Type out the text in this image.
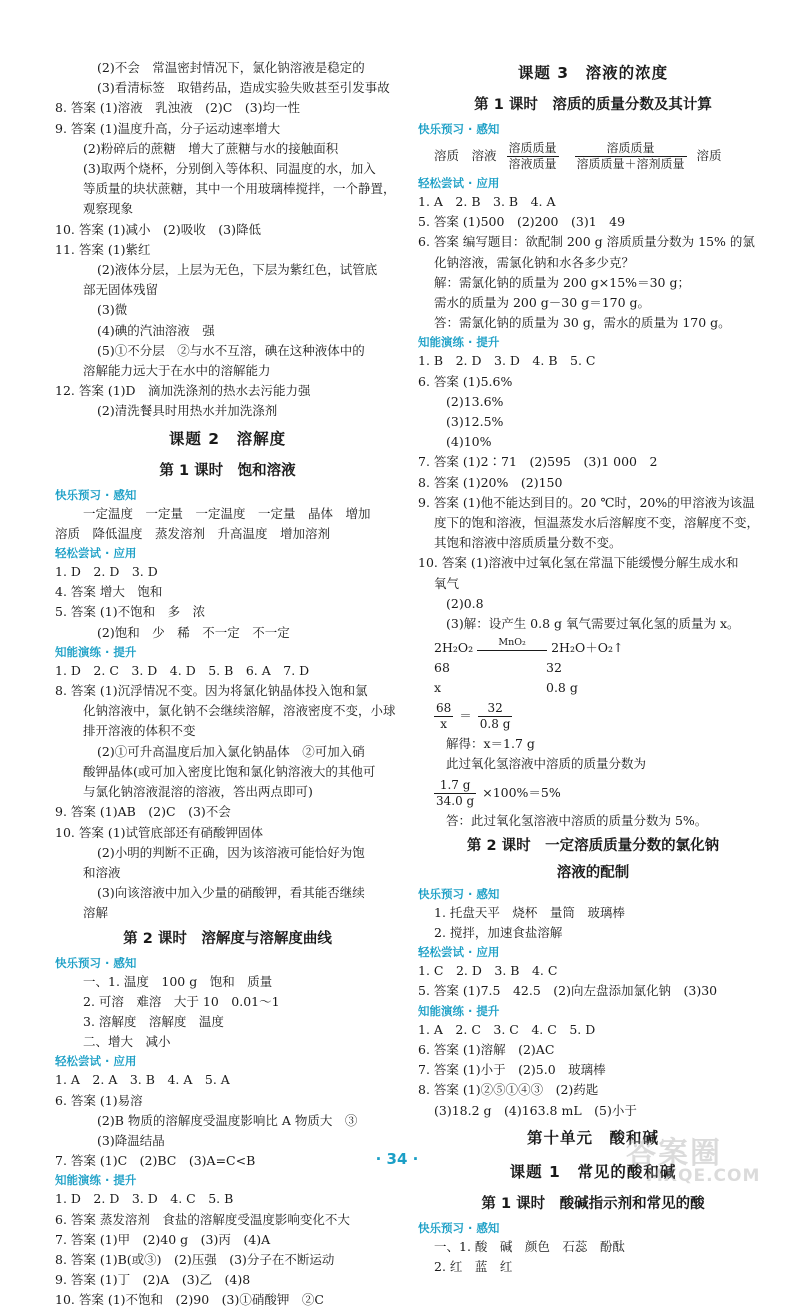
(2)不会　常温密封情况下，氯化钠溶液是稳定的
(3)看清标签　取错药品，造成实验失败甚至引发事故
8. 答案 (1)溶液　乳浊液　(2)C　(3)均一性
9. 答案 (1)温度升高，分子运动速率增大
(2)粉碎后的蔗糖　增大了蔗糖与水的接触面积
(3)取两个烧杯，分别倒入等体积、同温度的水，加入
等质量的块状蔗糖，其中一个用玻璃棒搅拌，一个静置，
观察现象
10. 答案 (1)减小　(2)吸收　(3)降低
11. 答案 (1)紫红
(2)液体分层，上层为无色，下层为紫红色，试管底
部无固体残留
(3)微
(4)碘的汽油溶液　强
(5)①不分层　②与水不互溶，碘在这种液体中的
溶解能力远大于在水中的溶解能力
12. 答案 (1)D　滴加洗涤剂的热水去污能力强
(2)清洗餐具时用热水并加洗涤剂
课题 2　溶解度
第 1 课时　饱和溶液
快乐预习 · 感知
一定温度　一定量　一定温度　一定量　晶体　增加
溶质　降低温度　蒸发溶剂　升高温度　增加溶剂
轻松尝试 · 应用
1. D　2. D　3. D
4. 答案 增大　饱和
5. 答案 (1)不饱和　多　浓
(2)饱和　少　稀　不一定　不一定
知能演练 · 提升
1. D　2. C　3. D　4. D　5. B　6. A　7. D
8. 答案 (1)沉浮情况不变。因为将氯化钠晶体投入饱和氯
化钠溶液中，氯化钠不会继续溶解，溶液密度不变，小球
排开溶液的体积不变
(2)①可升高温度后加入氯化钠晶体　②可加入硝
酸钾晶体(或可加入密度比饱和氯化钠溶液大的其他可
与氯化钠溶液混溶的溶液，答出两点即可)
9. 答案 (1)AB　(2)C　(3)不会
10. 答案 (1)试管底部还有硝酸钾固体
(2)小明的判断不正确，因为该溶液可能恰好为饱
和溶液
(3)向该溶液中加入少量的硝酸钾，看其能否继续
溶解
第 2 课时　溶解度与溶解度曲线
快乐预习 · 感知
一、1. 温度　100 g　饱和　质量
2. 可溶　难溶　大于 10　0.01～1
3. 溶解度　溶解度　温度
二、增大　减小
轻松尝试 · 应用
1. A　2. A　3. B　4. A　5. A
6. 答案 (1)易溶
(2)B 物质的溶解度受温度影响比 A 物质大　③
(3)降温结晶
7. 答案 (1)C　(2)BC　(3)A=C<B
知能演练 · 提升
1. D　2. D　3. D　4. C　5. B
6. 答案 蒸发溶剂　食盐的溶解度受温度影响变化不大
7. 答案 (1)甲　(2)40 g　(3)丙　(4)A
8. 答案 (1)B(或③)　(2)压强　(3)分子在不断运动
9. 答案 (1)丁　(2)A　(3)乙　(4)8
10. 答案 (1)不饱和　(2)90　(3)①硝酸钾　②C
课题 3　溶液的浓度
第 1 课时　溶质的质量分数及其计算
快乐预习 · 感知
溶质　 溶液 $\frac{\text{溶质质量}}{\text{溶液质量}}$
$\frac{\text{溶质质量}}{\text{溶质质量＋溶剂质量}}$ 溶质
轻松尝试 · 应用
1. A　2. B　3. B　4. A
5. 答案 (1)500　(2)200　(3)1　49
6. 答案 编写题目：欲配制 200 g 溶质质量分数为 15% 的氯
化钠溶液，需氯化钠和水各多少克？
解：需氯化钠的质量为 200 g×15%＝30 g；
需水的质量为 200 g－30 g＝170 g。
答：需氯化钠的质量为 30 g，需水的质量为 170 g。
知能演练 · 提升
1. B　2. D　3. D　4. B　5. C
6. 答案 (1)5.6%
(2)13.6%
(3)12.5%
(4)10%
7. 答案 (1)2∶71　(2)595　(3)1 000　2
8. 答案 (1)20%　(2)150
9. 答案 (1)他不能达到目的。20 ℃时，20%的甲溶液为该温
度下的饱和溶液，恒温蒸发水后溶解度不变，溶解度不变，
其饱和溶液中溶质质量分数不变。
10. 答案 (1)溶液中过氧化氢在常温下能缓慢分解生成水和
氧气
(2)0.8
(3)解：设产生 0.8 g 氧气需要过氧化氢的质量为 x。
2H₂O₂	MnO₂	2H₂O＋O₂↑
68	32
x	0.8 g
$\frac{68}{x} = \frac{32}{0.8 g}$
解得：x＝1.7 g
此过氧化氢溶液中溶质的质量分数为
$\frac{1.7 g}{34.0 g} \times 100\%=5\%$
答：此过氧化氢溶液中溶质的质量分数为 5%。
第 2 课时　一定溶质质量分数的氯化钠
溶液的配制
快乐预习 · 感知
1. 托盘天平　烧杯　量筒　玻璃棒
2. 搅拌，加速食盐溶解
轻松尝试 · 应用
1. C　2. D　3. B　4. C
5. 答案 (1)7.5　42.5　(2)向左盘添加氯化钠　(3)30
知能演练 · 提升
1. A　2. C　3. C　4. C　5. D
6. 答案 (1)溶解　(2)AC
7. 答案 (1)小于　(2)5.0　玻璃棒
8. 答案 (1)②⑤①④③　(2)药匙
(3)18.2 g　(4)163.8 mL　(5)小于
第十单元　酸和碱
课题 1　常见的酸和碱
第 1 课时　酸碱指示剂和常见的酸
快乐预习 · 感知
一、1. 酸　碱　颜色　石蕊　酚酞
2. 红　蓝　红
· 34 ·	答案圈
MXQE.COM
